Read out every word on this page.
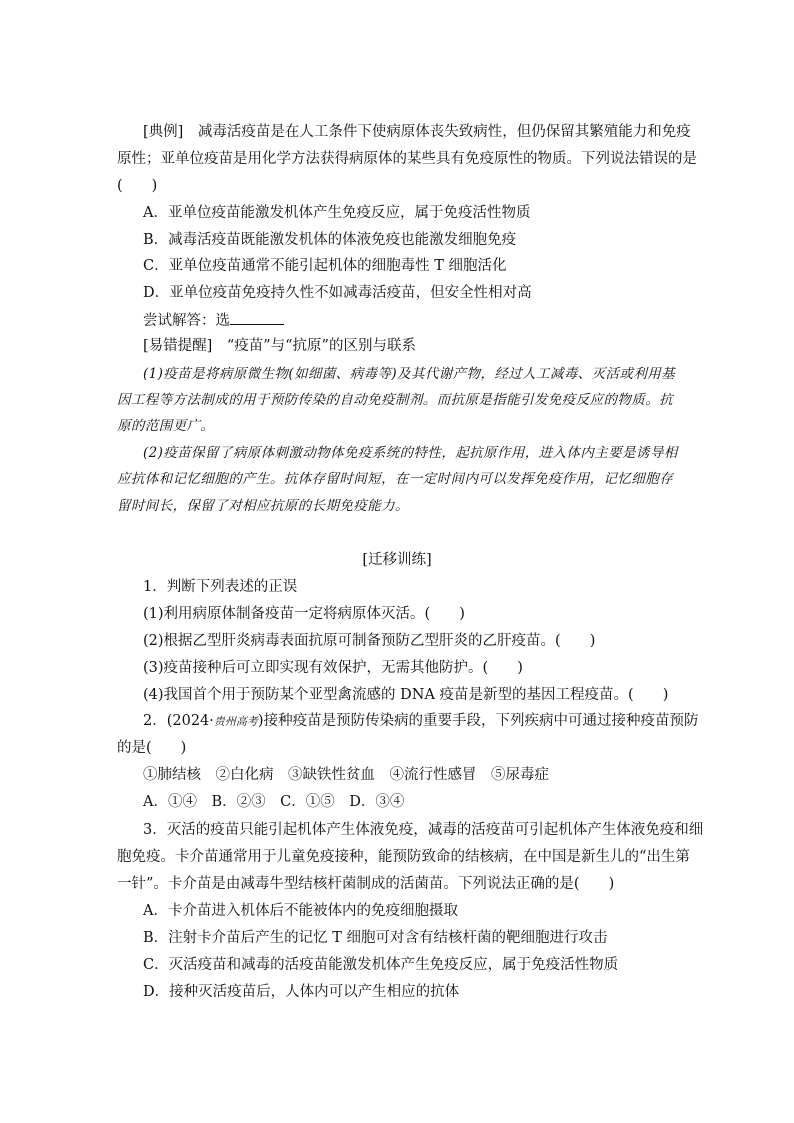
[典例]　减毒活疫苗是在人工条件下使病原体丧失致病性，但仍保留其繁殖能力和免疫
原性；亚单位疫苗是用化学方法获得病原体的某些具有免疫原性的物质。下列说法错误的是
(　　)
A．亚单位疫苗能激发机体产生免疫反应，属于免疫活性物质
B．减毒活疫苗既能激发机体的体液免疫也能激发细胞免疫
C．亚单位疫苗通常不能引起机体的细胞毒性 T 细胞活化
D．亚单位疫苗免疫持久性不如减毒活疫苗，但安全性相对高
尝试解答：选
[易错提醒]　“疫苗”与“抗原”的区别与联系
(1)疫苗是将病原微生物(如细菌、病毒等)及其代谢产物，经过人工减毒、灭活或利用基
因工程等方法制成的用于预防传染的自动免疫制剂。而抗原是指能引发免疫反应的物质。抗
原的范围更广。
(2)疫苗保留了病原体刺激动物体免疫系统的特性，起抗原作用，进入体内主要是诱导相
应抗体和记忆细胞的产生。抗体存留时间短，在一定时间内可以发挥免疫作用，记忆细胞存
留时间长，保留了对相应抗原的长期免疫能力。
[迁移训练]
1．判断下列表述的正误
(1)利用病原体制备疫苗一定将病原体灭活。(　　)
(2)根据乙型肝炎病毒表面抗原可制备预防乙型肝炎的乙肝疫苗。(　　)
(3)疫苗接种后可立即实现有效保护，无需其他防护。(　　)
(4)我国首个用于预防某个亚型禽流感的 DNA 疫苗是新型的基因工程疫苗。(　　)
2．(2024·贵州高考)接种疫苗是预防传染病的重要手段，下列疾病中可通过接种疫苗预防
的是(　　)
①肺结核　②白化病　③缺铁性贫血　④流行性感冒　⑤尿毒症
A．①④　B．②③　C．①⑤　D．③④
3．灭活的疫苗只能引起机体产生体液免疫，减毒的活疫苗可引起机体产生体液免疫和细
胞免疫。卡介苗通常用于儿童免疫接种，能预防致命的结核病，在中国是新生儿的“出生第
一针”。卡介苗是由减毒牛型结核杆菌制成的活菌苗。下列说法正确的是(　　)
A．卡介苗进入机体后不能被体内的免疫细胞摄取
B．注射卡介苗后产生的记忆 T 细胞可对含有结核杆菌的靶细胞进行攻击
C．灭活疫苗和减毒的活疫苗能激发机体产生免疫反应，属于免疫活性物质
D．接种灭活疫苗后，人体内可以产生相应的抗体
